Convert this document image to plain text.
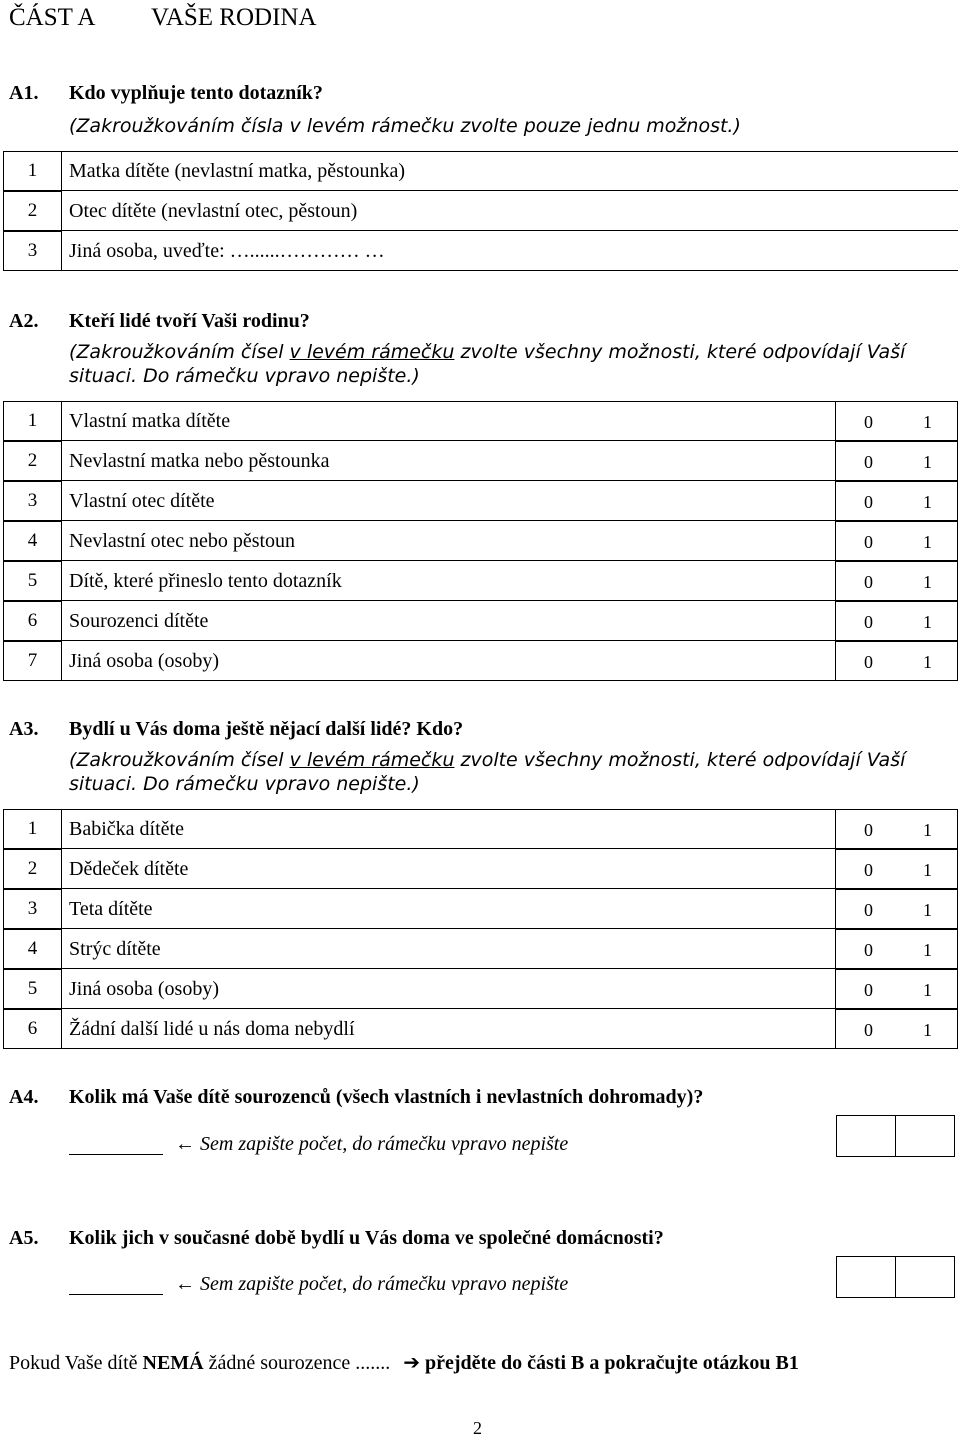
ČÁST A VAŠE RODINA
A1. Kdo vyplňuje tento dotazník?
(Zakroužkováním čísla v levém rámečku zvolte pouze jednu možnost.)
1	Matka dítěte (nevlastní matka, pěstounka)
2	Otec dítěte (nevlastní otec, pěstoun)
3	Jiná osoba, uveďte: …......………… …
A2. Kteří lidé tvoří Vaši rodinu?
(Zakroužkováním čísel v levém rámečku zvolte všechny možnosti, které odpovídají Vaší
situaci. Do rámečku vpravo nepište.)
1	Vlastní matka dítěte	0	1
2	Nevlastní matka nebo pěstounka	0	1
3	Vlastní otec dítěte	0	1
4	Nevlastní otec nebo pěstoun	0	1
5	Dítě, které přineslo tento dotazník	0	1
6	Sourozenci dítěte	0	1
7	Jiná osoba (osoby)	0	1
A3. Bydlí u Vás doma ještě nějací další lidé? Kdo?
(Zakroužkováním čísel v levém rámečku zvolte všechny možnosti, které odpovídají Vaší
situaci. Do rámečku vpravo nepište.)
1	Babička dítěte	0	1
2	Dědeček dítěte	0	1
3	Teta dítěte	0	1
4	Strýc dítěte	0	1
5	Jiná osoba (osoby)	0	1
6	Žádní další lidé u nás doma nebydlí	0	1
A4. Kolik má Vaše dítě sourozenců (všech vlastních i nevlastních dohromady)?
← Sem zapište počet, do rámečku vpravo nepište
A5. Kolik jich v současné době bydlí u Vás doma ve společné domácnosti?
← Sem zapište počet, do rámečku vpravo nepište
Pokud Vaše dítě NEMÁ žádné sourozence ....... ➔ přejděte do části B a pokračujte otázkou B1
2
